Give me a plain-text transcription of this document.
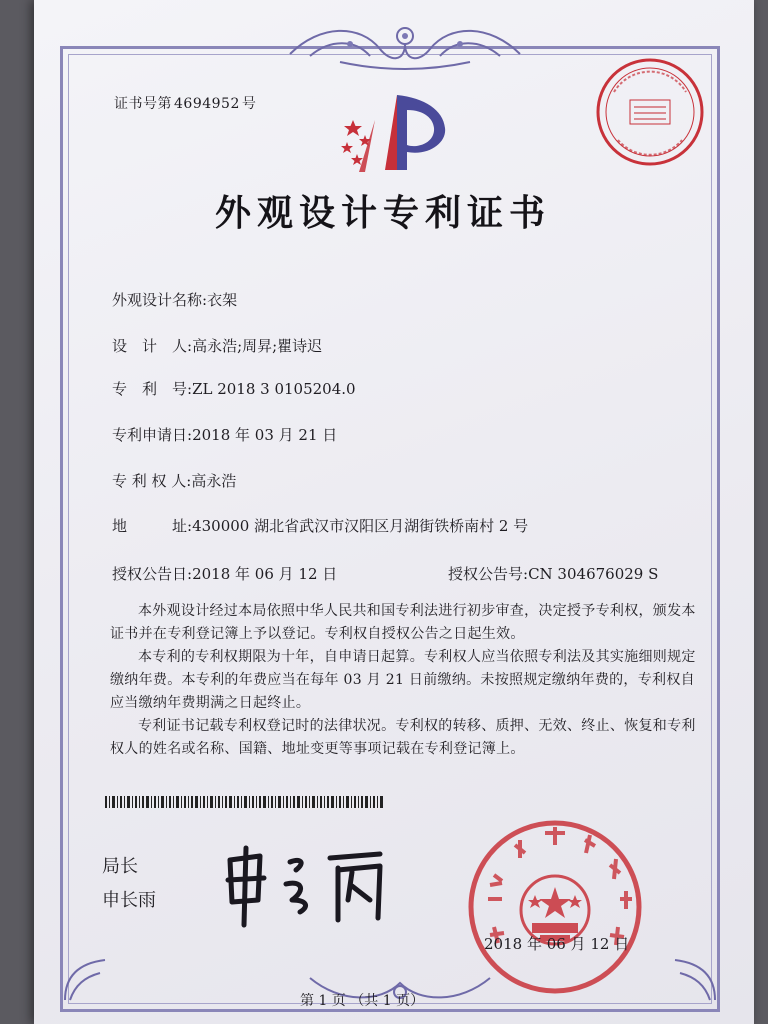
证书号第 4694952 号
外观设计专利证书
外观设计名称:衣架
设　计　人:高永浩;周昇;瞿诗迟
专　利　号:ZL 2018 3 0105204.0
专利申请日:2018 年 03 月 21 日
专 利 权 人:高永浩
地　　　址:430000 湖北省武汉市汉阳区月湖街铁桥南村 2 号
授权公告日:2018 年 06 月 12 日	授权公告号:CN 304676029 S
本外观设计经过本局依照中华人民共和国专利法进行初步审查，决定授予专利权，颁发本证书并在专利登记簿上予以登记。专利权自授权公告之日起生效。
本专利的专利权期限为十年，自申请日起算。专利权人应当依照专利法及其实施细则规定缴纳年费。本专利的年费应当在每年 03 月 21 日前缴纳。未按照规定缴纳年费的，专利权自应当缴纳年费期满之日起终止。
专利证书记载专利权登记时的法律状况。专利权的转移、质押、无效、终止、恢复和专利权人的姓名或名称、国籍、地址变更等事项记载在专利登记簿上。
局长
申长雨
2018 年 06 月 12 日
第 1 页 （共 1 页）
